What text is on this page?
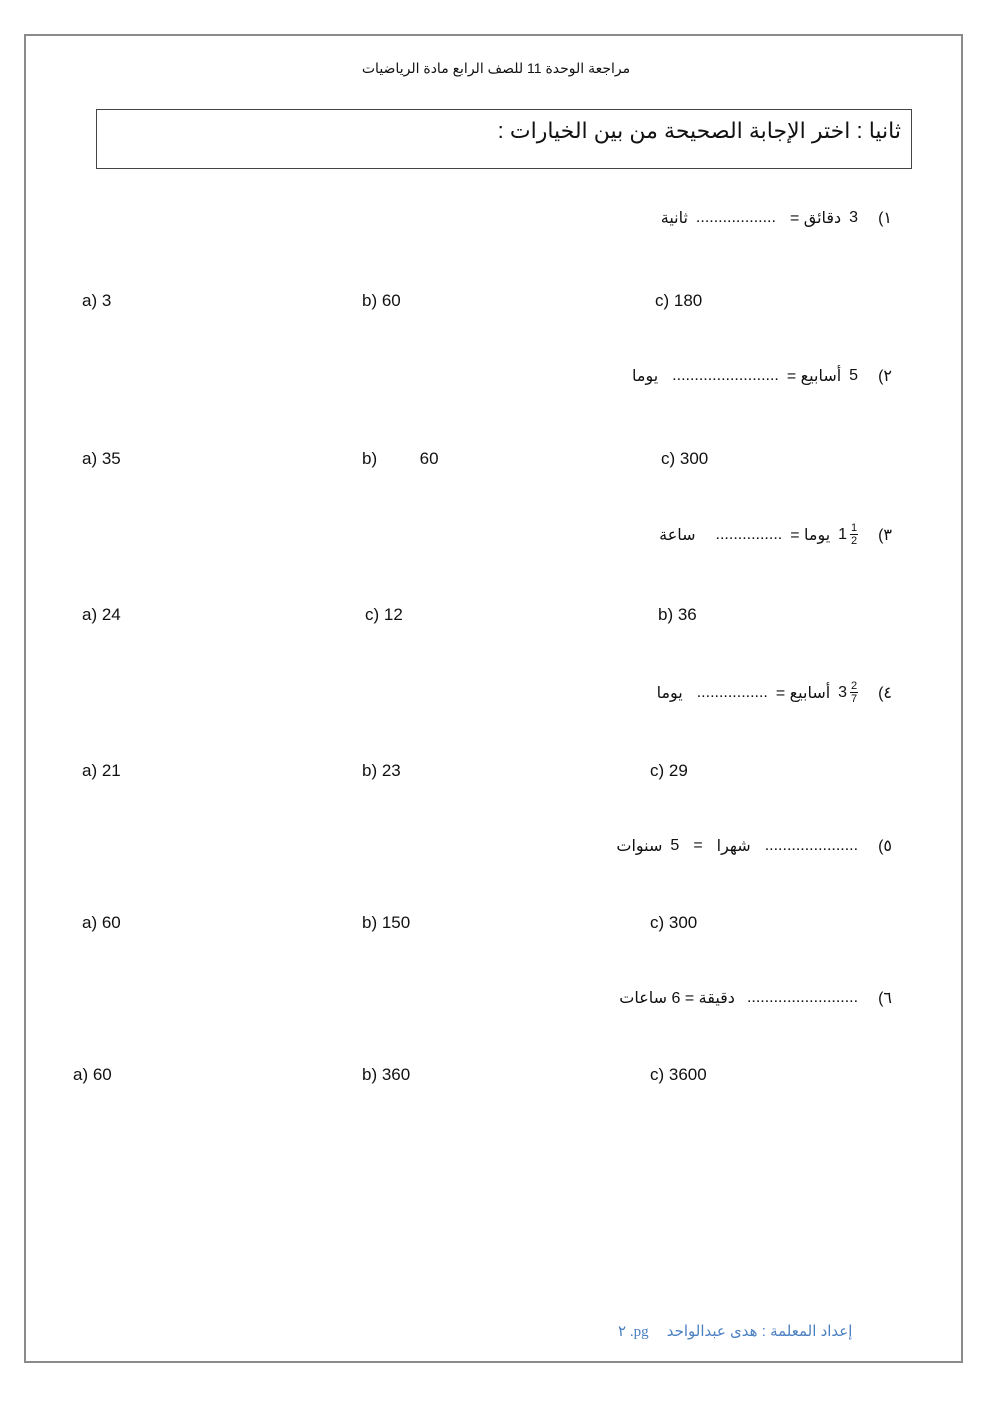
مراجعة الوحدة 11 للصف الرابع مادة الرياضيات
ثانيا : اختر الإجابة الصحيحة من بين الخيارات :
١)
3
دقائق =
..................
ثانية
a) 3	b) 60	c) 180
٢)
5
أسابيع =
........................
يوما
a) 35	b)         60	c) 300
٣)
$1 \frac{1}{2}$
يوما =
...............
ساعة
a) 24	c) 12	b) 36
٤)
$3 \frac{2}{7}$
أسابيع =
................
يوما
a) 21	b) 23	c) 29
٥)
.....................
شهرا
=
5
سنوات
a) 60	b) 150	c) 300
٦)
.........................
دقيقة = 6 ساعات
a) 60	b) 360	c) 3600
إعداد المعلمة : هدى عبدالواحد pg. ٢
